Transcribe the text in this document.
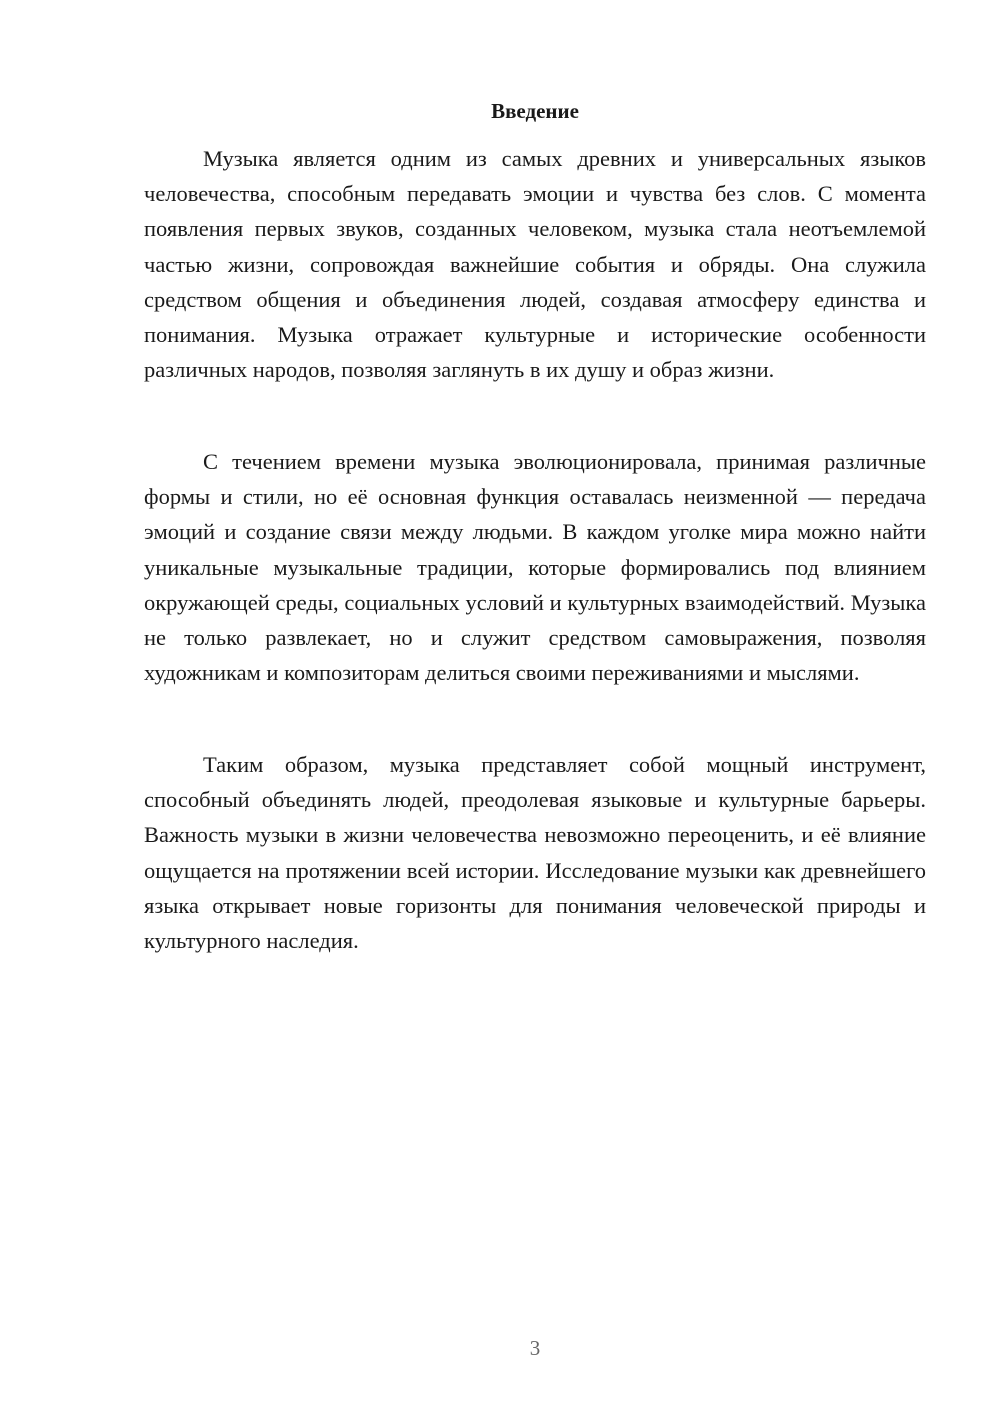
Введение

Музыка является одним из самых древних и универсальных языков человечества, способным передавать эмоции и чувства без слов. С момента появления первых звуков, созданных человеком, музыка стала неотъемлемой частью жизни, сопровождая важнейшие события и обряды. Она служила средством общения и объединения людей, создавая атмосферу единства и понимания. Музыка отражает культурные и исторические особенности различных народов, позволяя заглянуть в их душу и образ жизни.

С течением времени музыка эволюционировала, принимая различные формы и стили, но её основная функция оставалась неизменной — передача эмоций и создание связи между людьми. В каждом уголке мира можно найти уникальные музыкальные традиции, которые формировались под влиянием окружающей среды, социальных условий и культурных взаимодействий. Музыка не только развлекает, но и служит средством самовыражения, позволяя художникам и композиторам делиться своими переживаниями и мыслями.

Таким образом, музыка представляет собой мощный инструмент, способный объединять людей, преодолевая языковые и культурные барьеры. Важность музыки в жизни человечества невозможно переоценить, и её влияние ощущается на протяжении всей истории. Исследование музыки как древнейшего языка открывает новые горизонты для понимания человеческой природы и культурного наследия.

3
